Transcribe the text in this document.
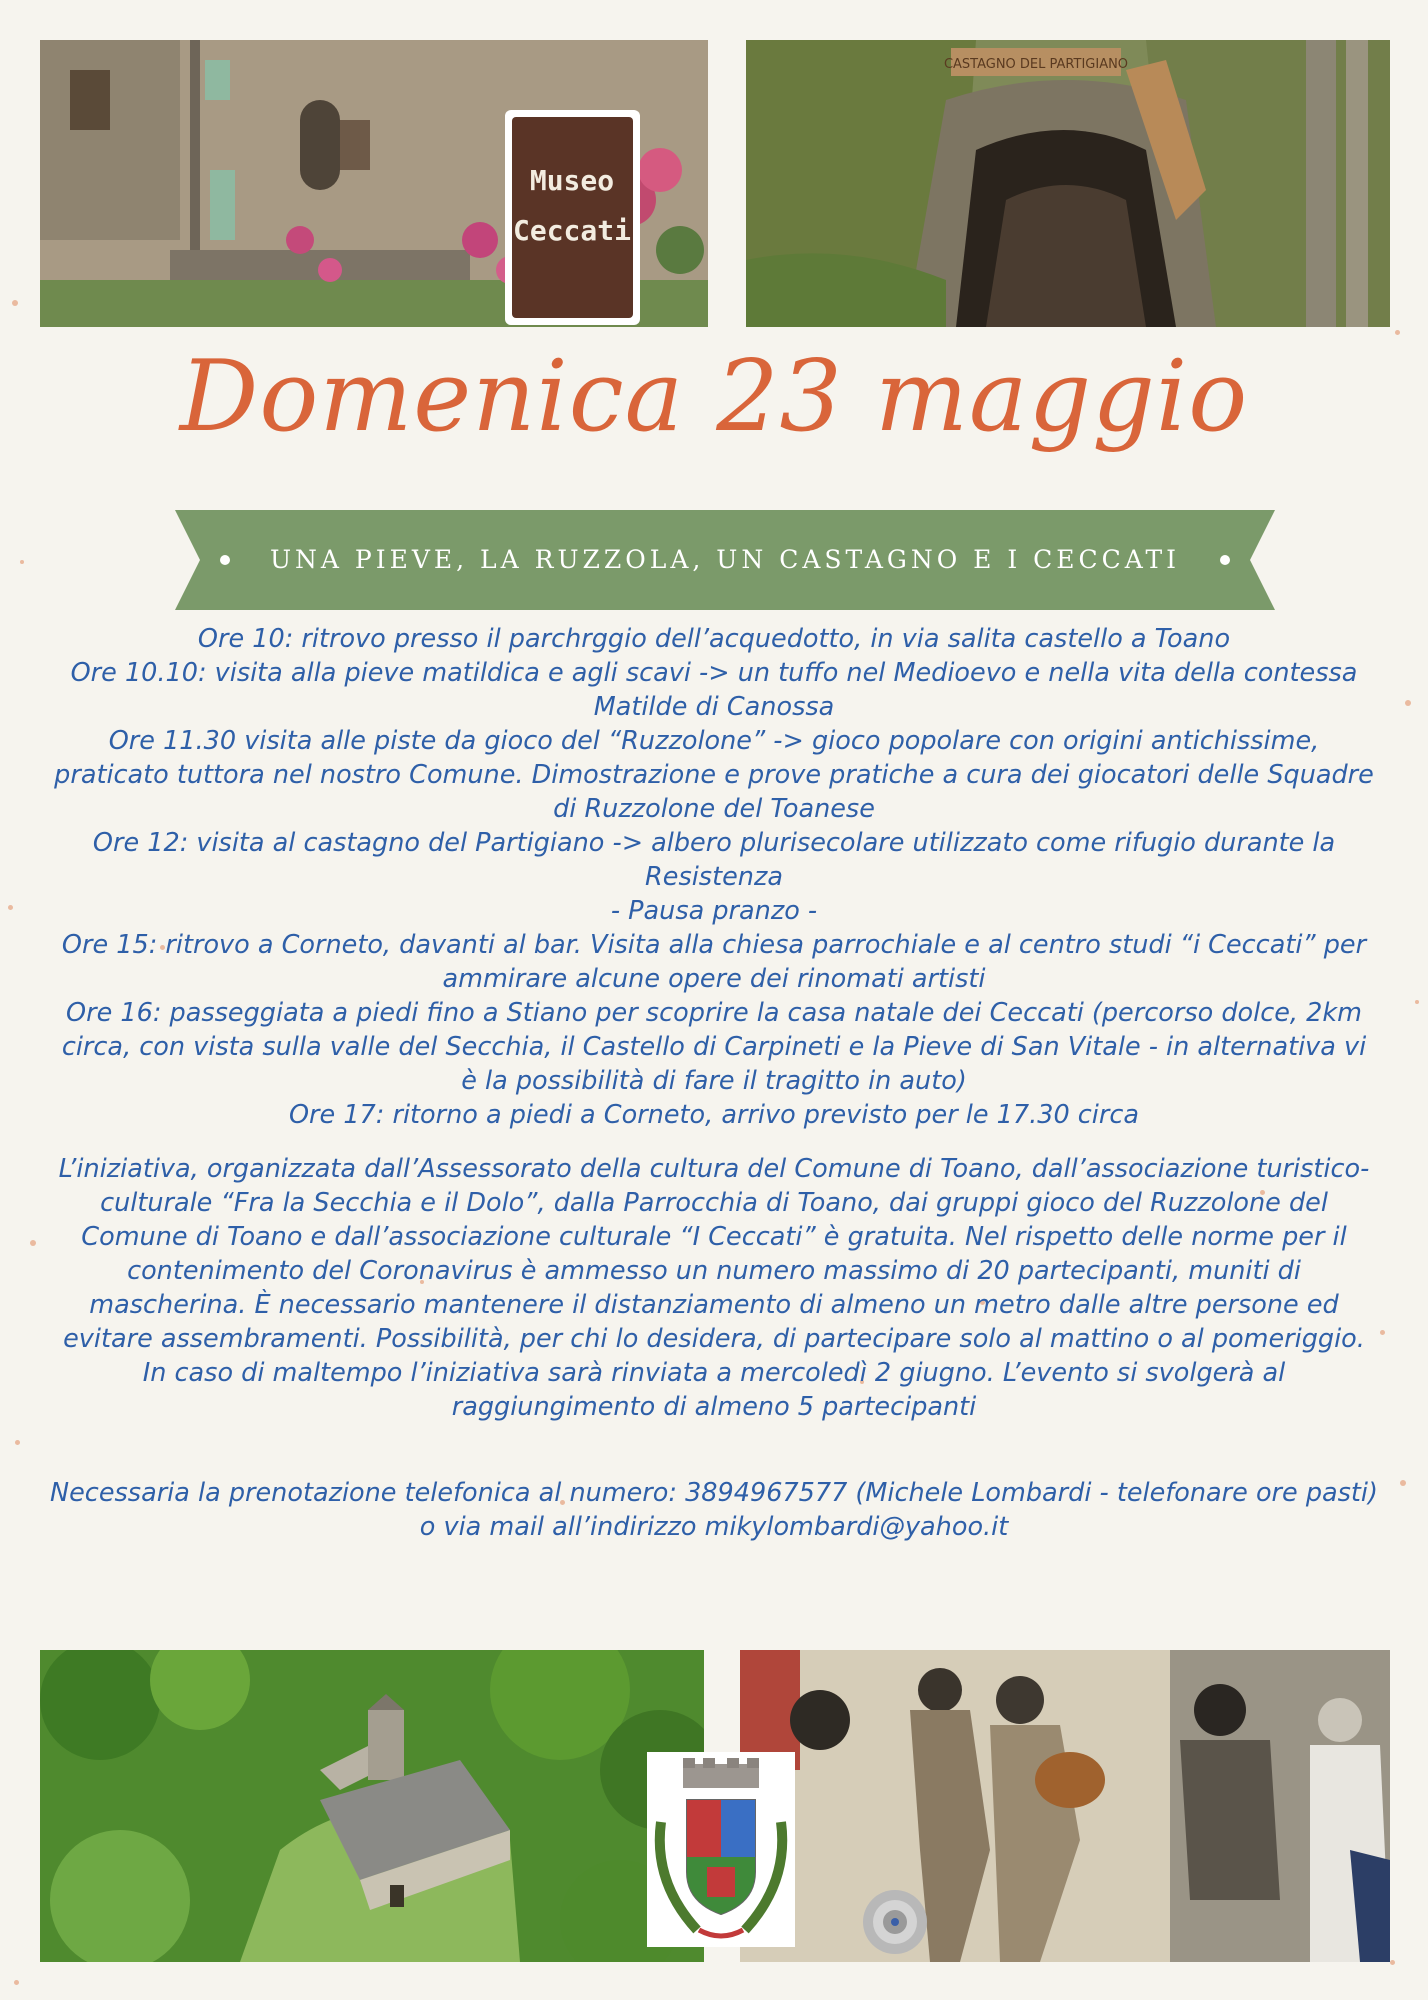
Museo
Ceccati
CASTAGNO DEL PARTIGIANO
Domenica 23 maggio
UNA PIEVE, LA RUZZOLA, UN CASTAGNO E I CECCATI

Ore 10: ritrovo presso il parchrggio dell’acquedotto, in via salita castello a Toano

Ore 10.10: visita alla pieve matildica e agli scavi -> un tuffo nel Medioevo e nella vita della contessa Matilde di Canossa

Ore 11.30 visita alle piste da gioco del “Ruzzolone” -> gioco popolare con origini antichissime, praticato tuttora nel nostro Comune. Dimostrazione e prove pratiche a cura dei giocatori delle Squadre di Ruzzolone del Toanese

Ore 12: visita al castagno del Partigiano -> albero plurisecolare utilizzato come rifugio durante la Resistenza

- Pausa pranzo -

Ore 15: ritrovo a Corneto, davanti al bar. Visita alla chiesa parrochiale e al centro studi “i Ceccati” per ammirare alcune opere dei rinomati artisti

Ore 16: passeggiata a piedi fino a Stiano per scoprire la casa natale dei Ceccati (percorso dolce, 2km circa, con vista sulla valle del Secchia, il Castello di Carpineti e la Pieve di San Vitale - in alternativa vi è la possibilità di fare il tragitto in auto)

Ore 17: ritorno a piedi a Corneto, arrivo previsto per le 17.30 circa

L’iniziativa, organizzata dall’Assessorato della cultura del Comune di Toano, dall’associazione turistico-culturale “Fra la Secchia e il Dolo”, dalla Parrocchia di Toano, dai gruppi gioco del Ruzzolone del Comune di Toano e dall’associazione culturale “I Ceccati” è gratuita. Nel rispetto delle norme per il contenimento del Coronavirus è ammesso un numero massimo di 20 partecipanti, muniti di mascherina. È necessario mantenere il distanziamento di almeno un metro dalle altre persone ed evitare assembramenti. Possibilità, per chi lo desidera, di partecipare solo al mattino o al pomeriggio. In caso di maltempo l’iniziativa sarà rinviata a mercoledì 2 giugno. L’evento si svolgerà al raggiungimento di almeno 5 partecipanti

Necessaria la prenotazione telefonica al numero: 3894967577 (Michele Lombardi - telefonare ore pasti) o via mail all’indirizzo mikylombardi@yahoo.it
